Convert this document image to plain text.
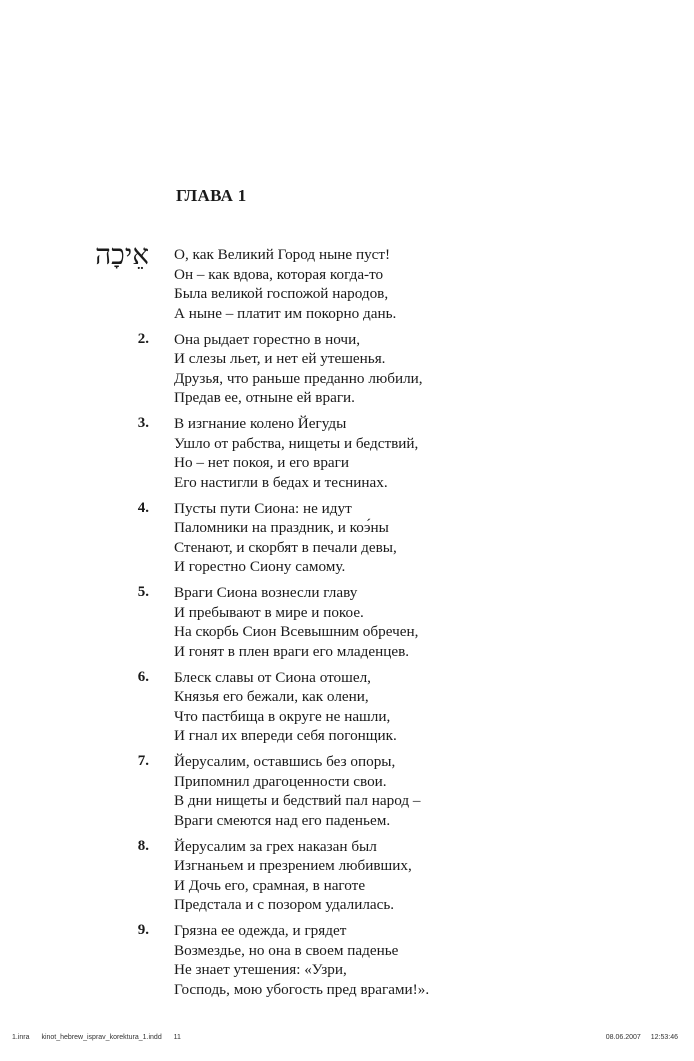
ГЛАВА 1
אֵיכָה О, как Великий Город ныне пуст!
Он – как вдова, которая когда-то
Была великой госпожой народов,
А ныне – платит им покорно дань.
2. Она рыдает горестно в ночи,
И слезы льет, и нет ей утешенья.
Друзья, что раньше преданно любили,
Предав ее, отныне ей враги.
3. В изгнание колено Йегуды
Ушло от рабства, нищеты и бедствий,
Но – нет покоя, и его враги
Его настигли в бедах и теснинах.
4. Пусты пути Сиона: не идут
Паломники на праздник, и коэ́ны
Стенают, и скорбят в печали девы,
И горестно Сиону самому.
5. Враги Сиона вознесли главу
И пребывают в мире и покое.
На скорбь Сион Всевышним обречен,
И гонят в плен враги его младенцев.
6. Блеск славы от Сиона отошел,
Князья его бежали, как олени,
Что пастбища в округе не нашли,
И гнал их впереди себя погонщик.
7. Йерусалим, оставшись без опоры,
Припомнил драгоценности свои.
В дни нищеты и бедствий пал народ –
Враги смеются над его паденьем.
8. Йерусалим за грех наказан был
Изгнаньем и презрением любивших,
И Дочь его, срамная, в наготе
Предстала и с позором удалилась.
9. Грязна ее одежда, и грядет
Возмездье, но она в своем паденье
Не знает утешения: «Узри,
Господь, мою убогость пред врагами!».
1.inra kinot_hebrew_isprav_korektura_1.indd 11	08.06.2007 12:53:46
